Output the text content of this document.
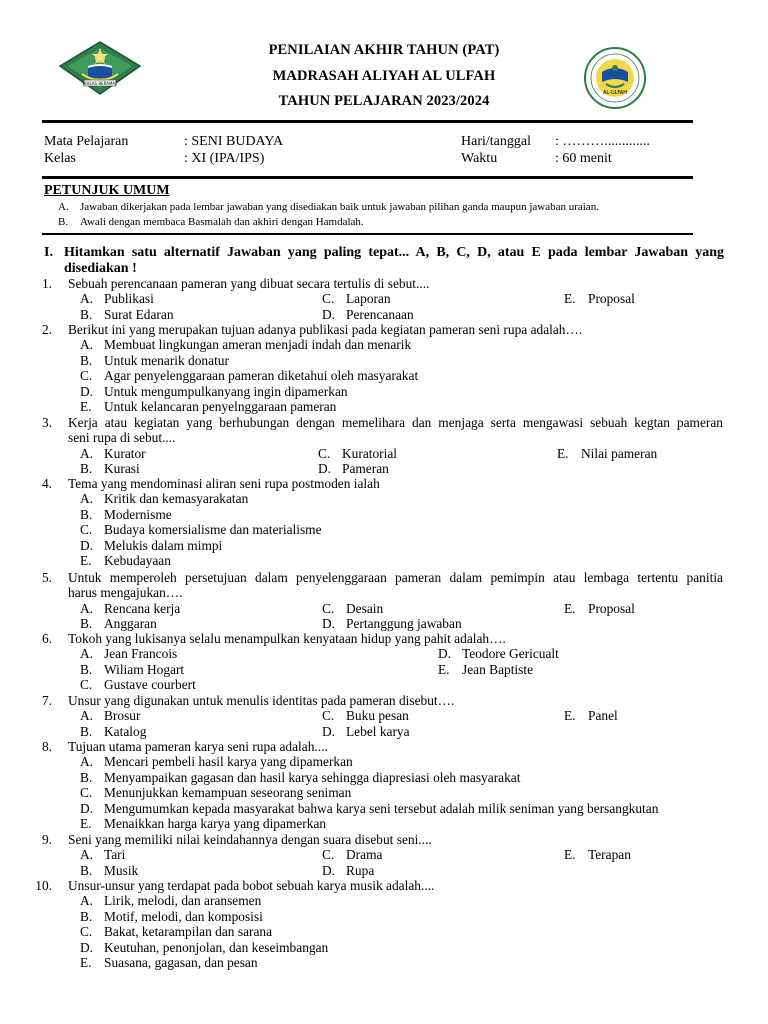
IKHLAS BERAMAL
AL-ULFAH
PENILAIAN AKHIR TAHUN (PAT)
MADRASAH ALIYAH AL ULFAH
TAHUN PELAJARAN 2023/2024
Mata Pelajaran	: SENI BUDAYA	Hari/tanggal : ……….............
Kelas	: XI (IPA/IPS)	Waktu	: 60 menit
PETUNJUK UMUM
A. Jawaban dikerjakan pada lembar jawaban yang disediakan baik untuk jawaban pilihan ganda maupun jawaban uraian.
B. Awali dengan membaca Basmalah dan akhiri dengan Hamdalah.
I. Hitamkan satu alternatif Jawaban yang paling tepat... A, B, C, D, atau E pada lembar Jawaban yang
disediakan !
1. Sebuah perencanaan pameran yang dibuat secara tertulis di sebut....
A. Publikasi
B. Surat Edaran
C. Laporan
D. Perencanaan
E. Proposal
2. Berikut ini yang merupakan tujuan adanya publikasi pada kegiatan pameran seni rupa adalah….
A. Membuat lingkungan ameran menjadi indah dan menarik
B. Untuk menarik donatur
C. Agar penyelenggaraan pameran diketahui oleh masyarakat
D. Untuk mengumpulkanyang ingin dipamerkan
E. Untuk kelancaran penyelnggaraan pameran
3. Kerja atau kegiatan yang berhubungan dengan memelihara dan menjaga serta mengawasi sebuah kegtan pameran
seni rupa di sebut....
A. Kurator
B. Kurasi
C. Kuratorial
D. Pameran
E. Nilai pameran
4. Tema yang mendominasi aliran seni rupa postmoden ialah
A. Kritik dan kemasyarakatan
B. Modernisme
C. Budaya komersialisme dan materialisme
D. Melukis dalam mimpi
E. Kebudayaan
5. Untuk memperoleh persetujuan dalam penyelenggaraan pameran dalam pemimpin atau lembaga tertentu panitia
harus mengajukan….
A. Rencana kerja
B. Anggaran
C. Desain
D. Pertanggung jawaban
E. Proposal
6. Tokoh yang lukisanya selalu menampulkan kenyataan hidup yang pahit adalah….
A. Jean Francois
B. Wiliam Hogart
C. Gustave courbert
D. Teodore Gericualt
E. Jean Baptiste
7. Unsur yang digunakan untuk menulis identitas pada pameran disebut….
A. Brosur
B. Katalog
C. Buku pesan
D. Lebel karya
E. Panel
8. Tujuan utama pameran karya seni rupa adalah....
A. Mencari pembeli hasil karya yang dipamerkan
B. Menyampaikan gagasan dan hasil karya sehingga diapresiasi oleh masyarakat
C. Menunjukkan kemampuan seseorang seniman
D. Mengumumkan kepada masyarakat bahwa karya seni tersebut adalah milik seniman yang bersangkutan
E. Menaikkan harga karya yang dipamerkan
9. Seni yang memiliki nilai keindahannya dengan suara disebut seni....
A. Tari
B. Musik
C. Drama
D. Rupa
E. Terapan
10. Unsur-unsur yang terdapat pada bobot sebuah karya musik adalah....
A. Lirik, melodi, dan aransemen
B. Motif, melodi, dan komposisi
C. Bakat, ketarampilan dan sarana
D. Keutuhan, penonjolan, dan keseimbangan
E. Suasana, gagasan, dan pesan
